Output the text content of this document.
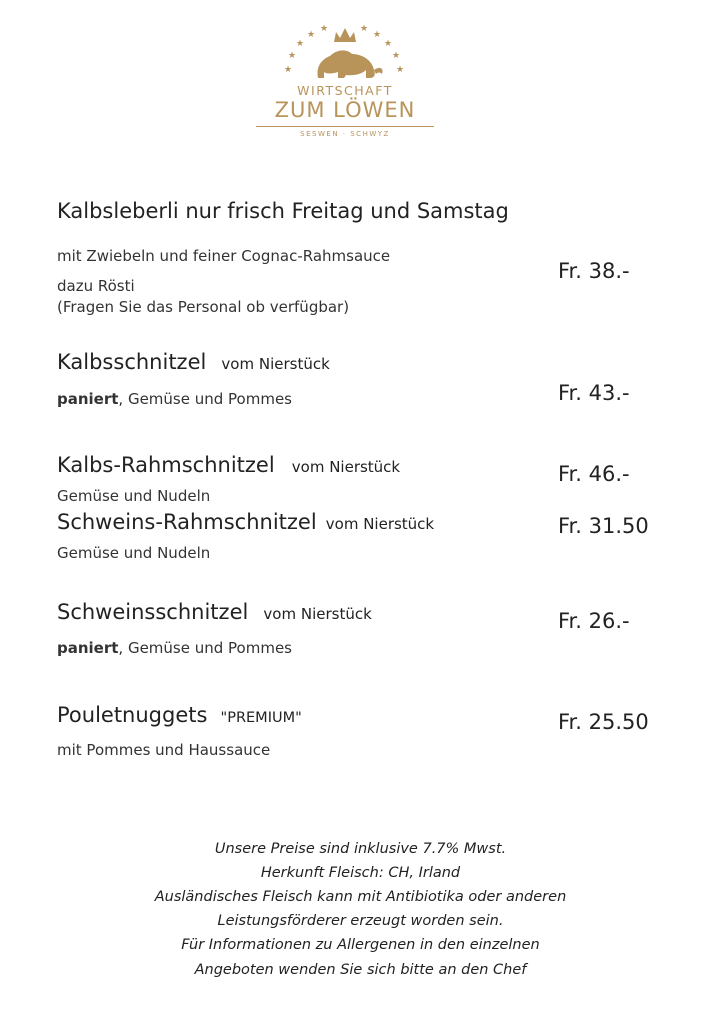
★
★
★
★
★	★
★
★
★
★
WIRTSCHAFT
ZUM LÖWEN
SESWEN · SCHWYZ
Kalbsleberli nur frisch Freitag und Samstag
mit Zwiebeln und feiner Cognac-Rahmsauce
dazu Rösti
(Fragen Sie das Personal ob verfügbar)
Fr. 38.-
Kalbsschnitzel vom Nierstück
paniert, Gemüse und Pommes	Fr. 43.-
Kalbs-Rahmschnitzel vom Nierstück
Gemüse und Nudeln
Fr. 46.-
Schweins-Rahmschnitzel vom Nierstück
Gemüse und Nudeln
Fr. 31.50
Schweinsschnitzel vom Nierstück
paniert, Gemüse und Pommes
Fr. 26.-
Pouletnuggets "PREMIUM"
mit Pommes und Haussauce
Fr. 25.50
Unsere Preise sind inklusive 7.7% Mwst.
Herkunft Fleisch: CH, Irland
Ausländisches Fleisch kann mit Antibiotika oder anderen
Leistungsförderer erzeugt worden sein.
Für Informationen zu Allergenen in den einzelnen
Angeboten wenden Sie sich bitte an den Chef
